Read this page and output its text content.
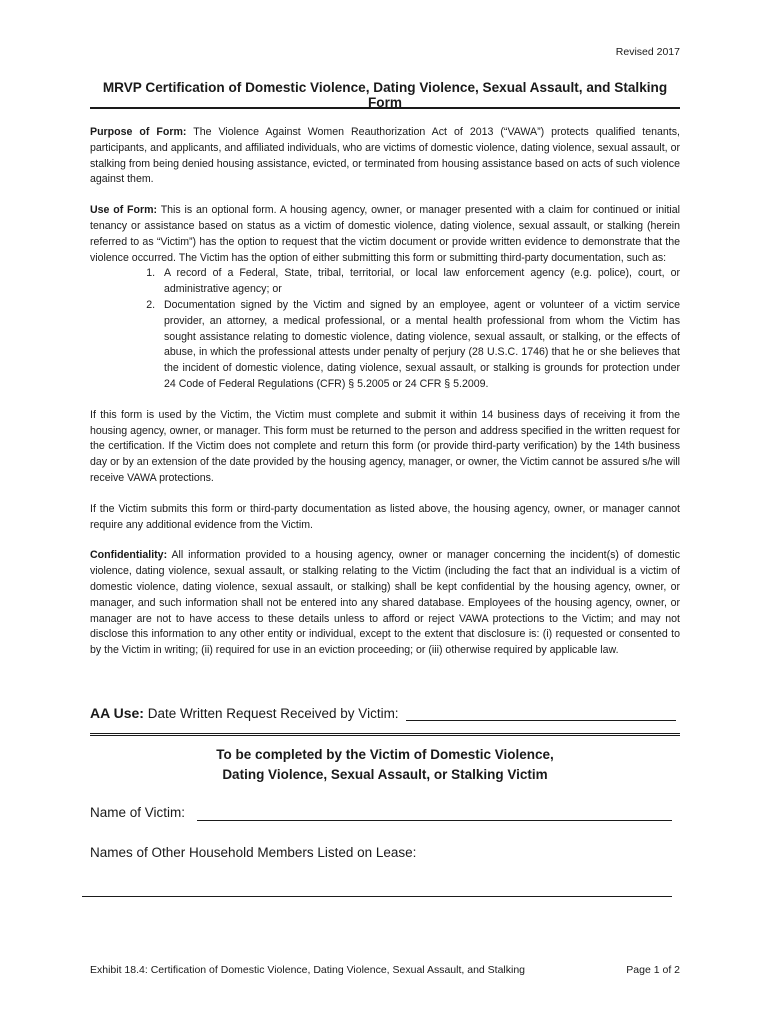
Revised 2017
MRVP Certification of Domestic Violence, Dating Violence, Sexual Assault, and Stalking Form

Purpose of Form: The Violence Against Women Reauthorization Act of 2013 (“VAWA”) protects qualified tenants, participants, and applicants, and affiliated individuals, who are victims of domestic violence, dating violence, sexual assault, or stalking from being denied housing assistance, evicted, or terminated from housing assistance based on acts of such violence against them.

Use of Form: This is an optional form. A housing agency, owner, or manager presented with a claim for continued or initial tenancy or assistance based on status as a victim of domestic violence, dating violence, sexual assault, or stalking (herein referred to as “Victim”) has the option to request that the victim document or provide written evidence to demonstrate that the violence occurred. The Victim has the option of either submitting this form or submitting third-party documentation, such as:

1. A record of a Federal, State, tribal, territorial, or local law enforcement agency (e.g. police), court, or administrative agency; or
2. Documentation signed by the Victim and signed by an employee, agent or volunteer of a victim service provider, an attorney, a medical professional, or a mental health professional from whom the Victim has sought assistance relating to domestic violence, dating violence, sexual assault, or stalking, or the effects of abuse, in which the professional attests under penalty of perjury (28 U.S.C. 1746) that he or she believes that the incident of domestic violence, dating violence, sexual assault, or stalking is grounds for protection under 24 Code of Federal Regulations (CFR) § 5.2005 or 24 CFR § 5.2009.

If this form is used by the Victim, the Victim must complete and submit it within 14 business days of receiving it from the housing agency, owner, or manager. This form must be returned to the person and address specified in the written request for the certification. If the Victim does not complete and return this form (or provide third-party verification) by the 14th business day or by an extension of the date provided by the housing agency, manager, or owner, the Victim cannot be assured s/he will receive VAWA protections.

If the Victim submits this form or third-party documentation as listed above, the housing agency, owner, or manager cannot require any additional evidence from the Victim.

Confidentiality: All information provided to a housing agency, owner or manager concerning the incident(s) of domestic violence, dating violence, sexual assault, or stalking relating to the Victim (including the fact that an individual is a victim of domestic violence, dating violence, sexual assault, or stalking) shall be kept confidential by the housing agency, owner, or manager, and such information shall not be entered into any shared database. Employees of the housing agency, owner, or manager are not to have access to these details unless to afford or reject VAWA protections to the Victim; and may not disclose this information to any other entity or individual, except to the extent that disclosure is: (i) requested or consented to by the Victim in writing; (ii) required for use in an eviction proceeding; or (iii) otherwise required by applicable law.

AA Use: Date Written Request Received by Victim:
To be completed by the Victim of Domestic Violence,
Dating Violence, Sexual Assault, or Stalking Victim
Name of Victim:
Names of Other Household Members Listed on Lease:
Exhibit 18.4: Certification of Domestic Violence, Dating Violence, Sexual Assault, and Stalking	Page 1 of 2
